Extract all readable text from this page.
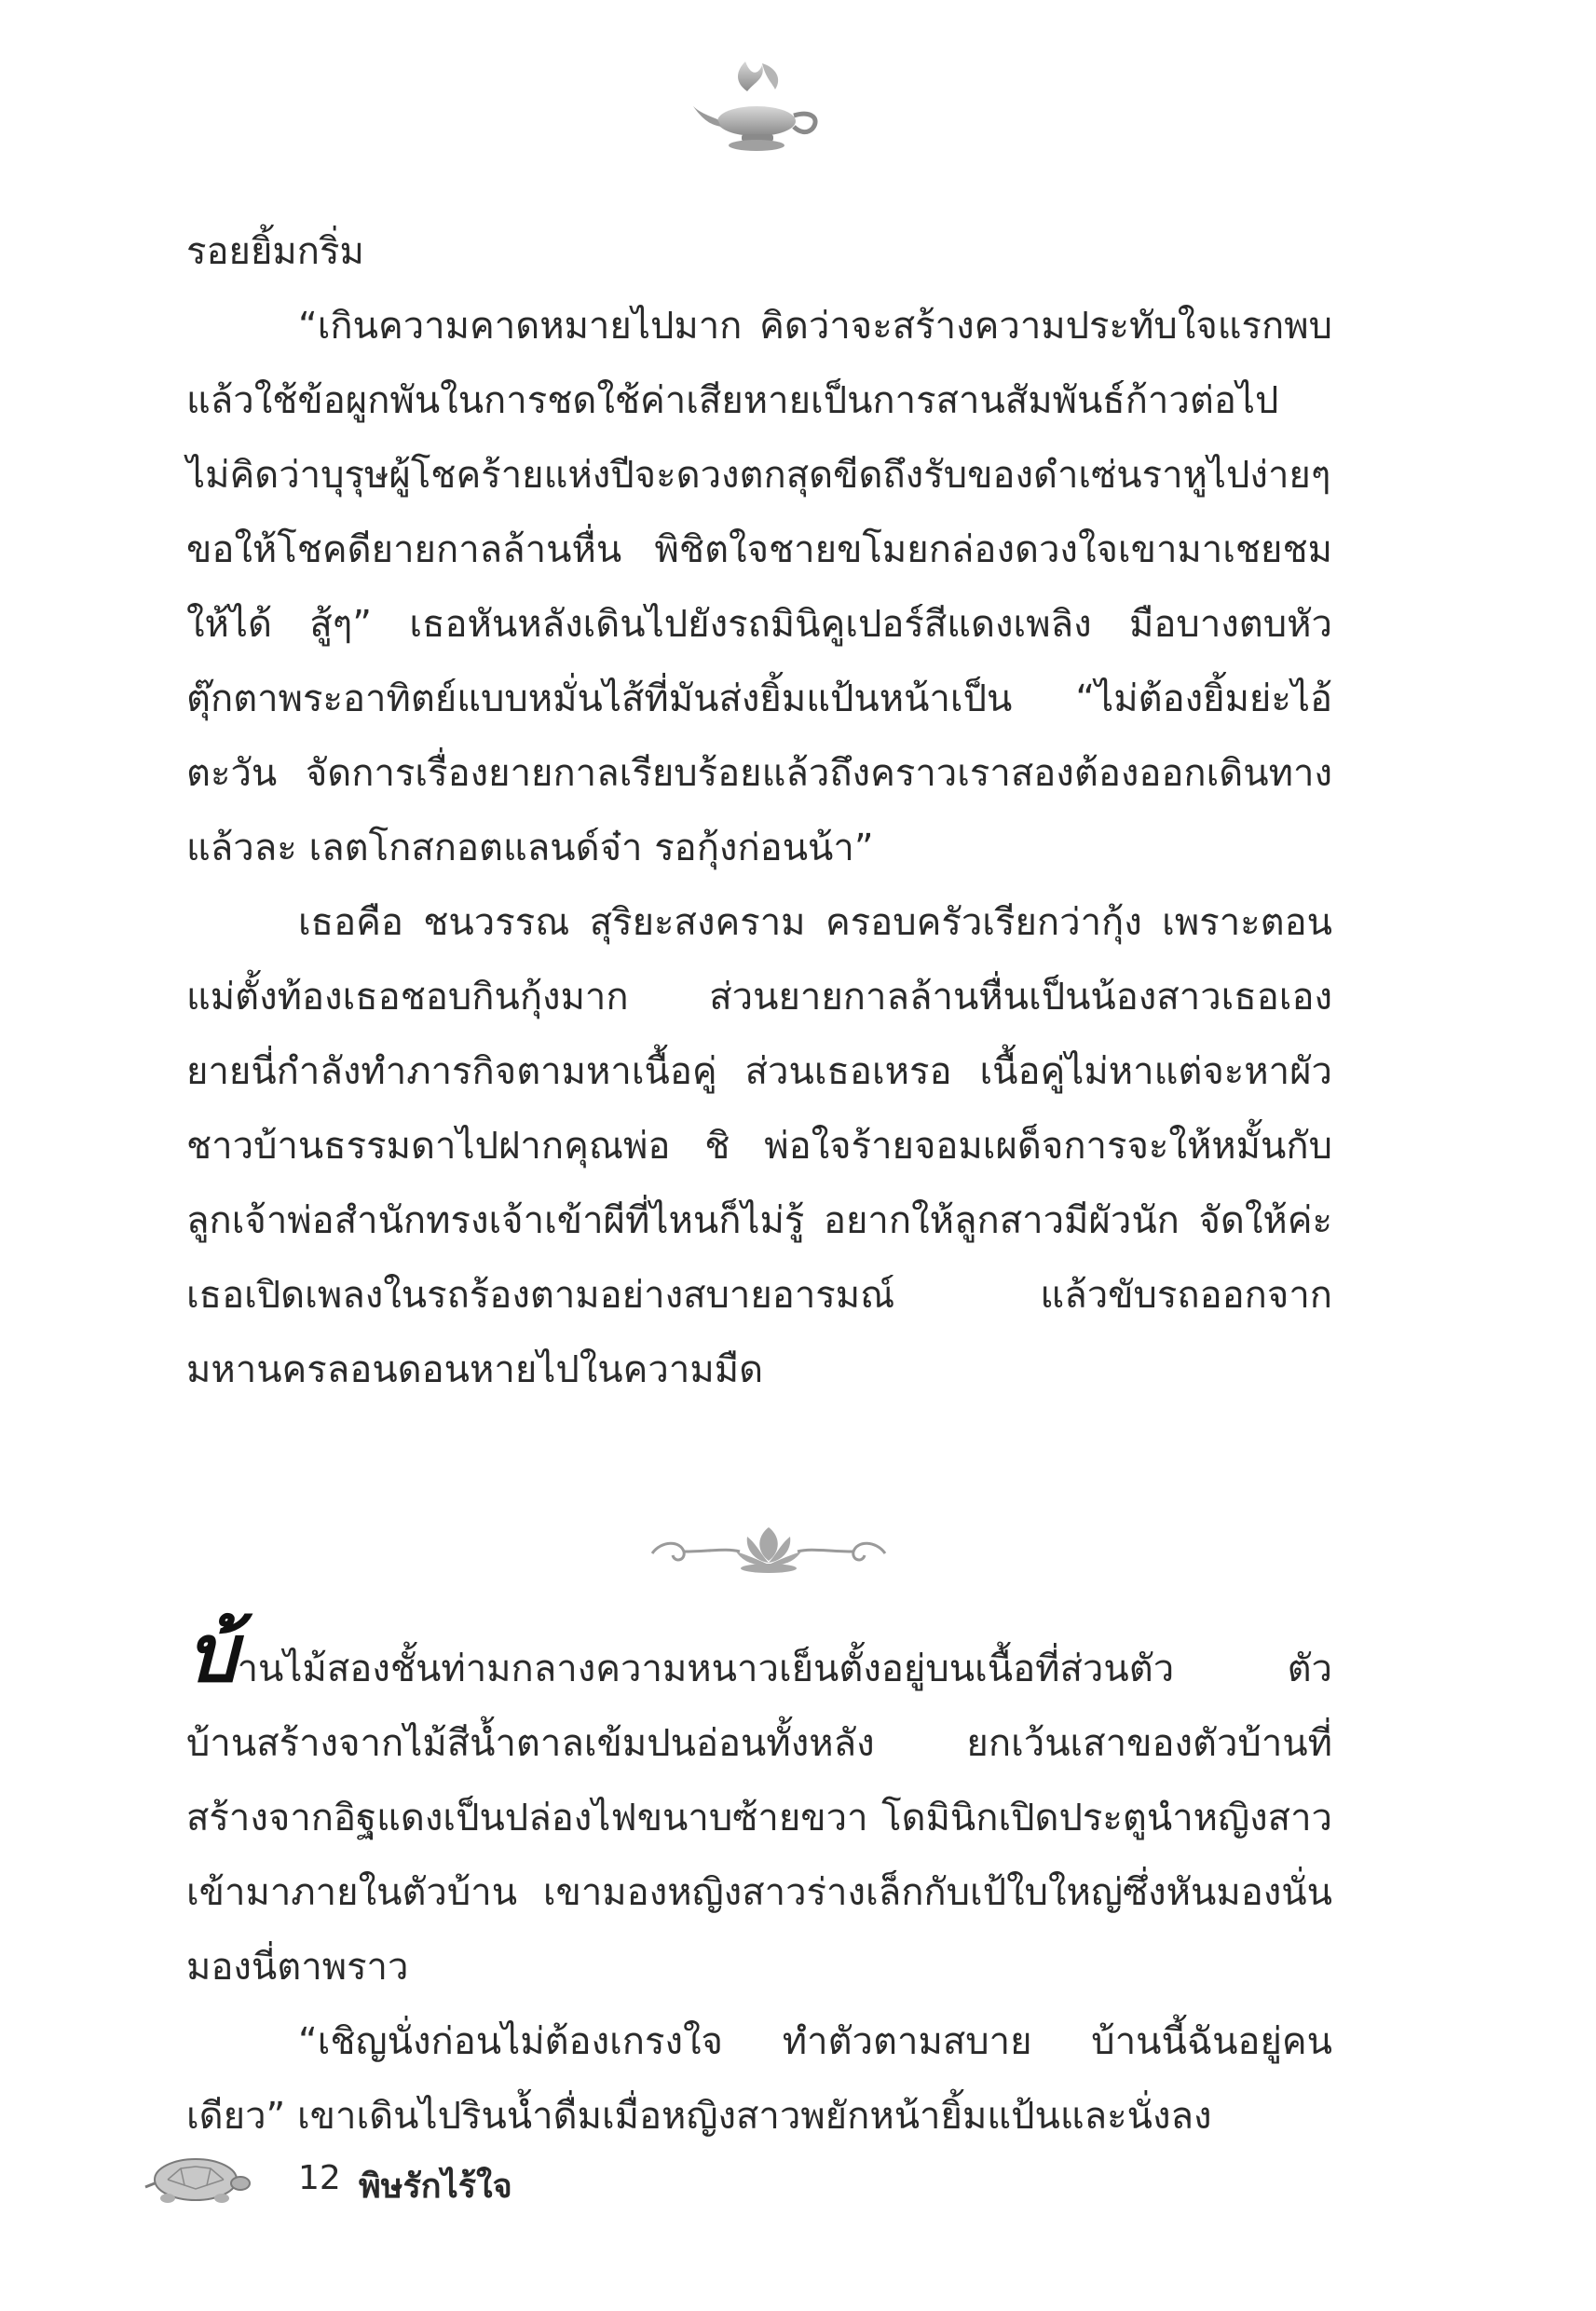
รอยยิ้มกริ่ม

“เกินความคาดหมายไปมาก คิดว่าจะสร้างความประทับใจแรกพบ แล้วใช้ข้อผูกพันในการชดใช้ค่าเสียหายเป็นการสานสัมพันธ์ก้าวต่อไป ไม่คิดว่าบุรุษผู้โชคร้ายแห่งปีจะดวงตกสุดขีดถึงรับของดำเซ่นราหูไปง่ายๆ ขอให้โชคดียายกาลล้านหื่น พิชิตใจชายขโมยกล่องดวงใจเขามาเชยชมให้ได้ สู้ๆ” เธอหันหลังเดินไปยังรถมินิคูเปอร์สีแดงเพลิง มือบางตบหัวตุ๊กตาพระอาทิตย์แบบหมั่นไส้ที่มันส่งยิ้มแป้นหน้าเป็น “ไม่ต้องยิ้มย่ะไอ้ตะวัน จัดการเรื่องยายกาลเรียบร้อยแล้วถึงคราวเราสองต้องออกเดินทางแล้วละ เลตโกสกอตแลนด์จ๋า รอกุ้งก่อนน้า”

เธอคือ ชนวรรณ สุริยะสงคราม ครอบครัวเรียกว่ากุ้ง เพราะตอนแม่ตั้งท้องเธอชอบกินกุ้งมาก ส่วนยายกาลล้านหื่นเป็นน้องสาวเธอเอง ยายนี่กำลังทำภารกิจตามหาเนื้อคู่ ส่วนเธอเหรอ เนื้อคู่ไม่หาแต่จะหาผัวชาวบ้านธรรมดาไปฝากคุณพ่อ ชิ พ่อใจร้ายจอมเผด็จการจะให้หมั้นกับลูกเจ้าพ่อสำนักทรงเจ้าเข้าผีที่ไหนก็ไม่รู้ อยากให้ลูกสาวมีผัวนัก จัดให้ค่ะ เธอเปิดเพลงในรถร้องตามอย่างสบายอารมณ์ แล้วขับรถออกจากมหานครลอนดอนหายไปในความมืด

บ้านไม้สองชั้นท่ามกลางความหนาวเย็นตั้งอยู่บนเนื้อที่ส่วนตัว ตัวบ้านสร้างจากไม้สีน้ำตาลเข้มปนอ่อนทั้งหลัง ยกเว้นเสาของตัวบ้านที่สร้างจากอิฐแดงเป็นปล่องไฟขนาบซ้ายขวา โดมินิกเปิดประตูนำหญิงสาวเข้ามาภายในตัวบ้าน เขามองหญิงสาวร่างเล็กกับเป้ใบใหญ่ซึ่งหันมองนั่นมองนี่ตาพราว

“เชิญนั่งก่อนไม่ต้องเกรงใจ ทำตัวตามสบาย บ้านนี้ฉันอยู่คนเดียว” เขาเดินไปรินน้ำดื่มเมื่อหญิงสาวพยักหน้ายิ้มแป้นและนั่งลง

12 พิษรักไร้ใจ
